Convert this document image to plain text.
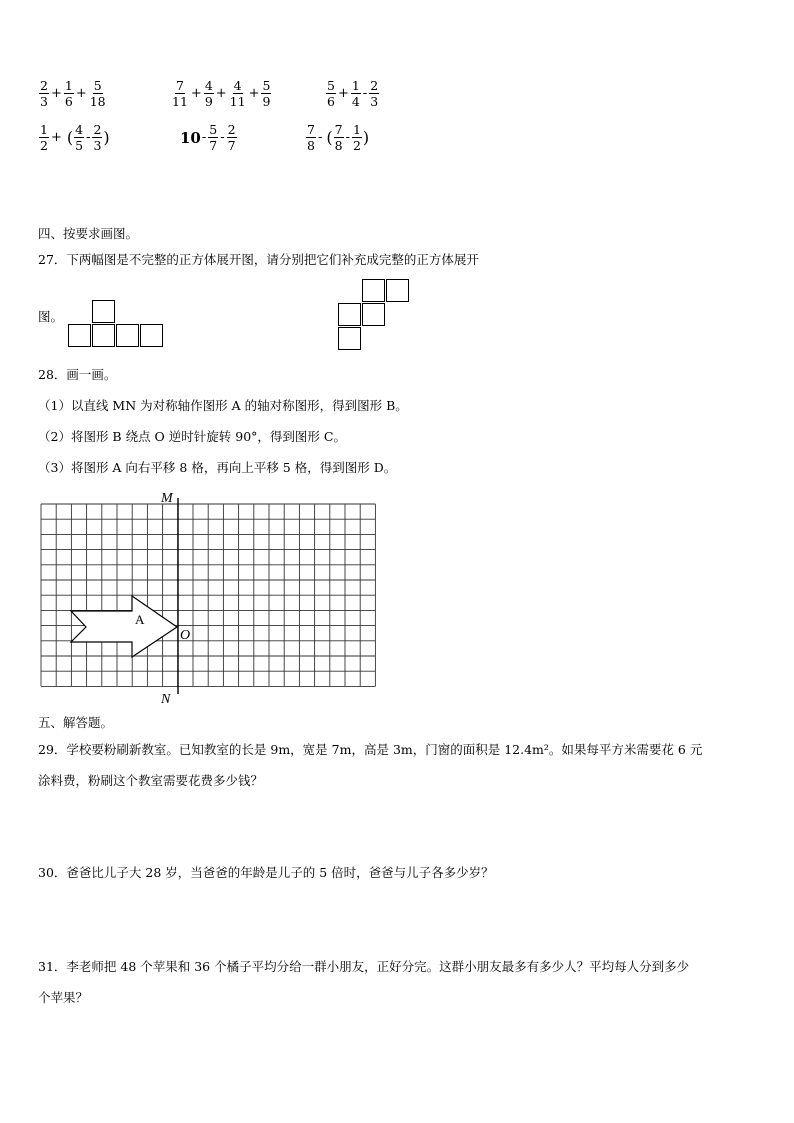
$\frac{2}{3} + \frac{1}{6} + \frac{5}{18}$	$\frac{7}{11} + \frac{4}{9} + \frac{4}{11} + \frac{5}{9}$	$\frac{5}{6} + \frac{1}{4} - \frac{2}{3}$
$\frac{1}{2}$ + ( $\frac{4}{5} - \frac{2}{3}$ )	$10 - \frac{5}{7} - \frac{2}{7}$	$\frac{7}{8}$ - ( $\frac{7}{8} - \frac{1}{2}$ )
四、按要求画图。
27．下两幅图是不完整的正方体展开图，请分别把它们补充成完整的正方体展开
图。
28．画一画。
（1）以直线 MN 为对称轴作图形 A 的轴对称图形，得到图形 B。
（2）将图形 B 绕点 O 逆时针旋转 90°，得到图形 C。
（3）将图形 A 向右平移 8 格，再向上平移 5 格，得到图形 D。
M
N
O
A
五、解答题。
29．学校要粉刷新教室。已知教室的长是 9m，宽是 7m，高是 3m，门窗的面积是 12.4m²。如果每平方米需要花 6 元
涂料费，粉刷这个教室需要花费多少钱？
30．爸爸比儿子大 28 岁，当爸爸的年龄是儿子的 5 倍时，爸爸与儿子各多少岁？
31．李老师把 48 个苹果和 36 个橘子平均分给一群小朋友，正好分完。这群小朋友最多有多少人？平均每人分到多少
个苹果？
